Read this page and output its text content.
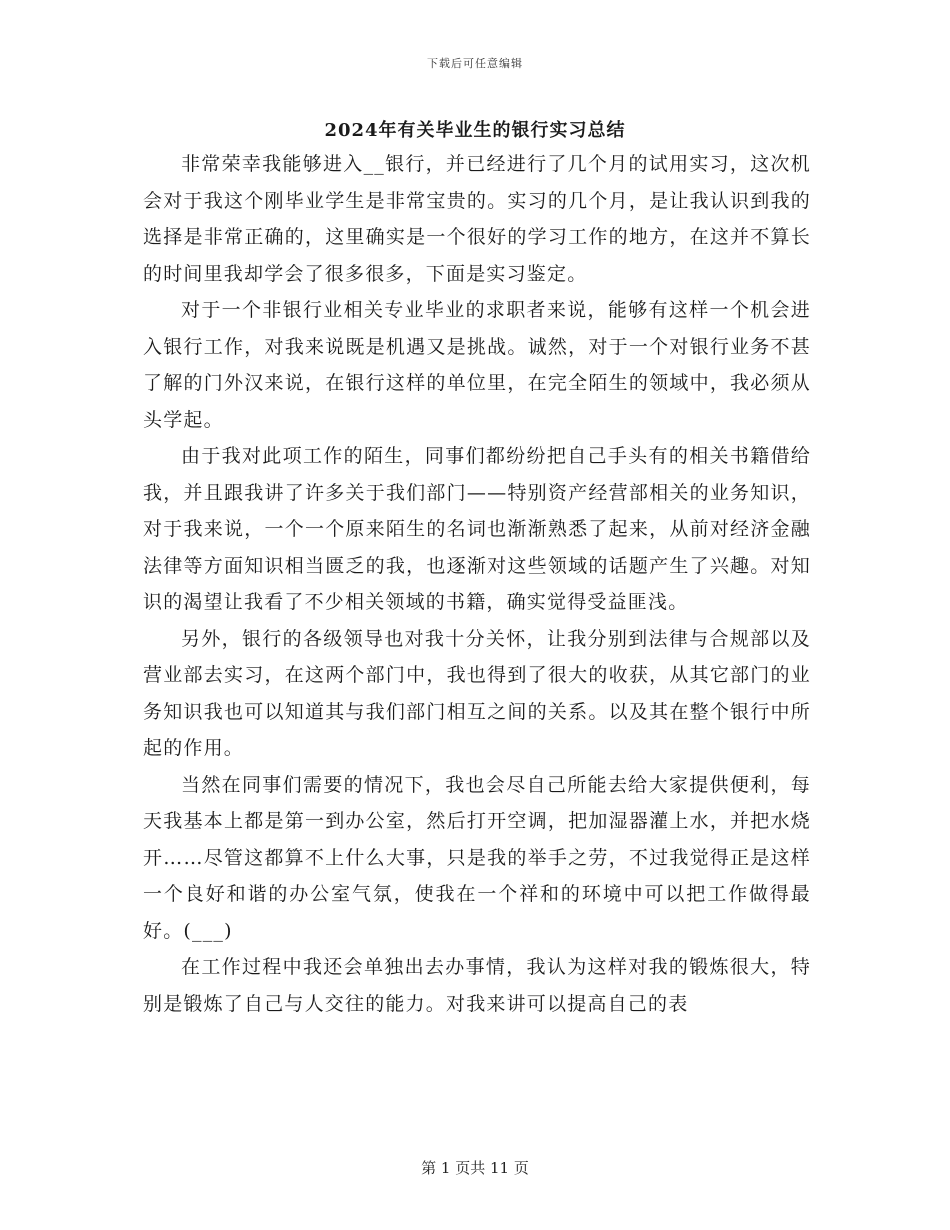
下载后可任意编辑
2024年有关毕业生的银行实习总结

非常荣幸我能够进入__银行，并已经进行了几个月的试用实习，这次机会对于我这个刚毕业学生是非常宝贵的。实习的几个月，是让我认识到我的选择是非常正确的，这里确实是一个很好的学习工作的地方，在这并不算长的时间里我却学会了很多很多，下面是实习鉴定。

对于一个非银行业相关专业毕业的求职者来说，能够有这样一个机会进入银行工作，对我来说既是机遇又是挑战。诚然，对于一个对银行业务不甚了解的门外汉来说，在银行这样的单位里，在完全陌生的领域中，我必须从头学起。

由于我对此项工作的陌生，同事们都纷纷把自己手头有的相关书籍借给我，并且跟我讲了许多关于我们部门——特别资产经营部相关的业务知识，对于我来说，一个一个原来陌生的名词也渐渐熟悉了起来，从前对经济金融法律等方面知识相当匮乏的我，也逐渐对这些领域的话题产生了兴趣。对知识的渴望让我看了不少相关领域的书籍，确实觉得受益匪浅。

另外，银行的各级领导也对我十分关怀，让我分别到法律与合规部以及营业部去实习，在这两个部门中，我也得到了很大的收获，从其它部门的业务知识我也可以知道其与我们部门相互之间的关系。以及其在整个银行中所起的作用。

当然在同事们需要的情况下，我也会尽自己所能去给大家提供便利，每天我基本上都是第一到办公室，然后打开空调，把加湿器灌上水，并把水烧开……尽管这都算不上什么大事，只是我的举手之劳，不过我觉得正是这样一个良好和谐的办公室气氛，使我在一个祥和的环境中可以把工作做得最好。(___)

在工作过程中我还会单独出去办事情，我认为这样对我的锻炼很大，特别是锻炼了自己与人交往的能力。对我来讲可以提高自己的表

第 1 页共 11 页
